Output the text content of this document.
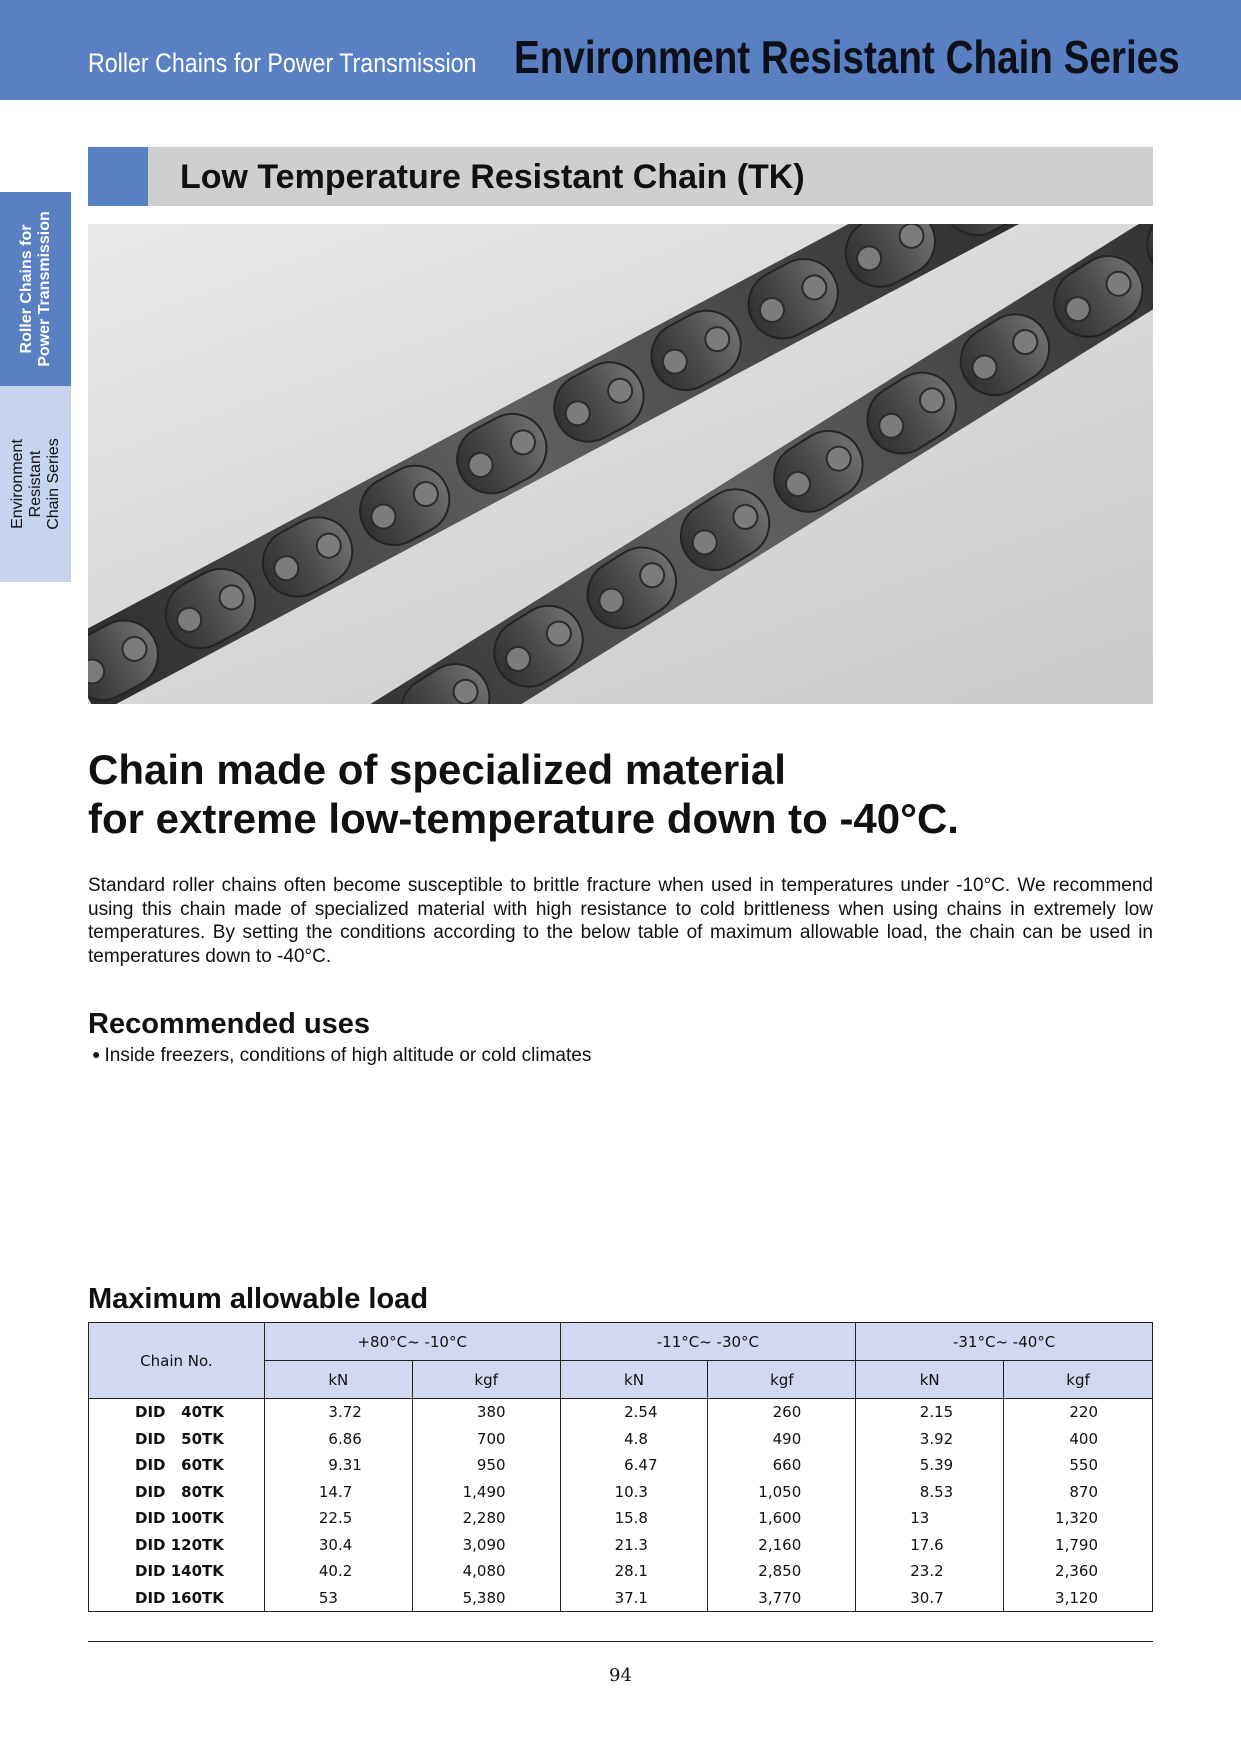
Roller Chains for Power Transmission Environment Resistant Chain Series
Roller Chains for Power Transmission
Environment Resistant Chain Series
Low Temperature Resistant Chain (TK)
Chain made of specialized material
for extreme low-temperature down to -40°C.

Standard roller chains often become susceptible to brittle fracture when used in temperatures under -10°C. We recommend using this chain made of specialized material with high resistance to cold brittleness when using chains in extremely low temperatures. By setting the conditions according to the below table of maximum allowable load, the chain can be used in temperatures down to -40°C.

Recommended uses
● Inside freezers, conditions of high altitude or cold climates
Maximum allowable load
Chain No.	+80°C~ -10°C		-11°C~ -30°C		-31°C~ -40°C	
	kN	kgf	kN	kgf	kN	kgf
DID   40TK	3.72	380	2.54	260	2.15	220
DID   50TK	6.86	700	4.8	490	3.92	400
DID   60TK	9.31	950	6.47	660	5.39	550
DID   80TK	14.7	1,490	10.3	1,050	8.53	870
DID 100TK	22.5	2,280	15.8	1,600	13	1,320
DID 120TK	30.4	3,090	21.3	2,160	17.6	1,790
DID 140TK	40.2	4,080	28.1	2,850	23.2	2,360
DID 160TK	53	5,380	37.1	3,770	30.7	3,120
94
